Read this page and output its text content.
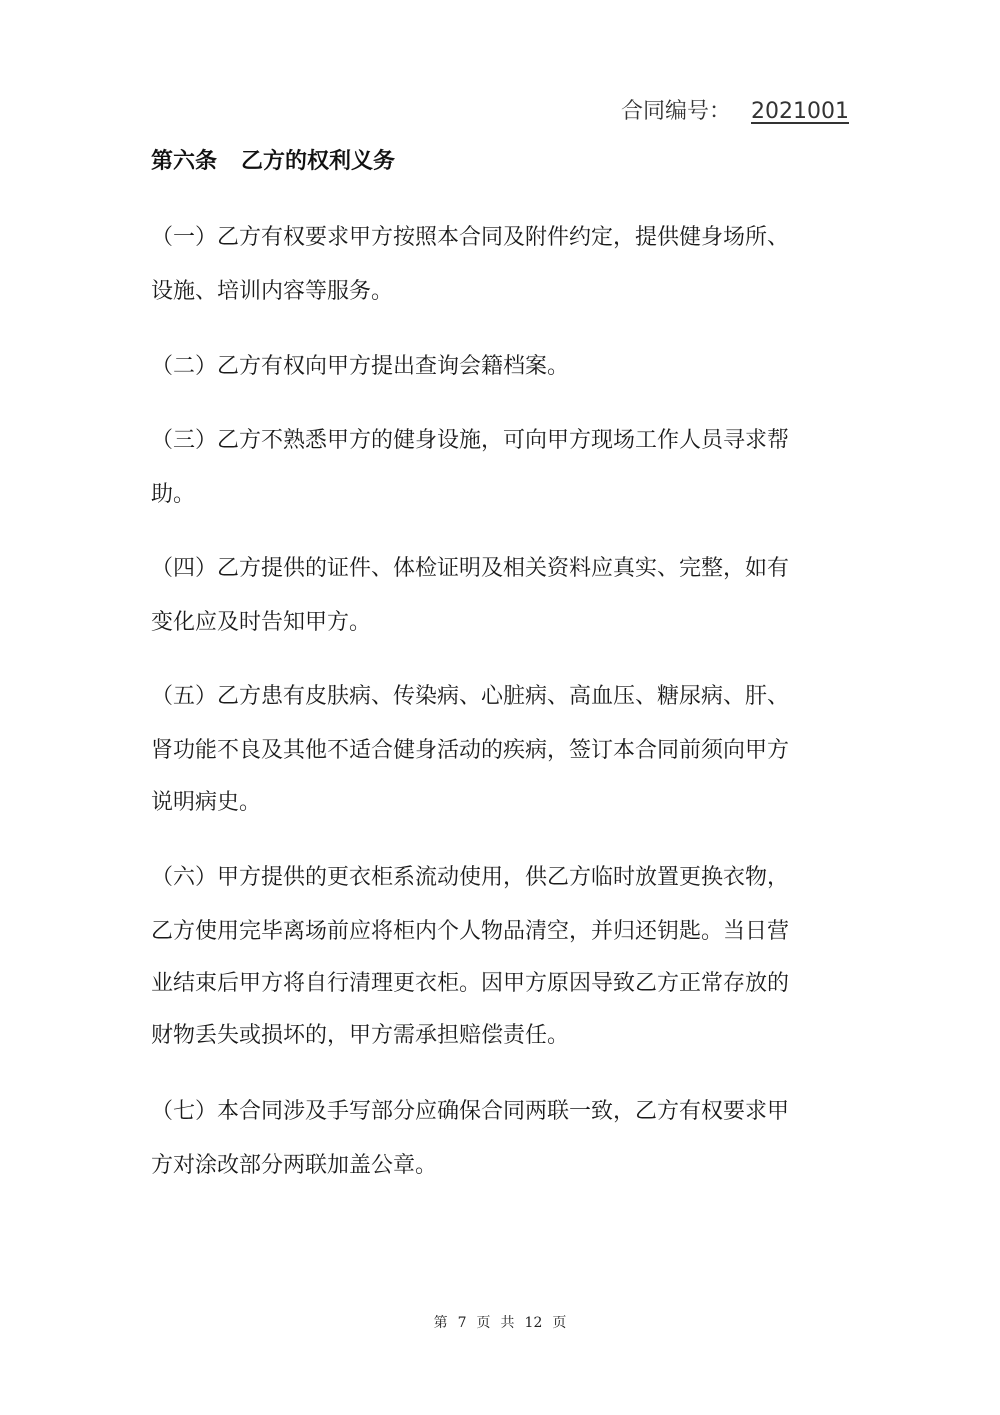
合同编号： 2021001
第六条 乙方的权利义务
（一）乙方有权要求甲方按照本合同及附件约定，提供健身场所、
设施、培训内容等服务。
（二）乙方有权向甲方提出查询会籍档案。
（三）乙方不熟悉甲方的健身设施，可向甲方现场工作人员寻求帮
助。
（四）乙方提供的证件、体检证明及相关资料应真实、完整，如有
变化应及时告知甲方。
（五）乙方患有皮肤病、传染病、心脏病、高血压、糖尿病、肝、
肾功能不良及其他不适合健身活动的疾病，签订本合同前须向甲方
说明病史。
（六）甲方提供的更衣柜系流动使用，供乙方临时放置更换衣物，
乙方使用完毕离场前应将柜内个人物品清空，并归还钥匙。当日营
业结束后甲方将自行清理更衣柜。因甲方原因导致乙方正常存放的
财物丢失或损坏的，甲方需承担赔偿责任。
（七）本合同涉及手写部分应确保合同两联一致，乙方有权要求甲
方对涂改部分两联加盖公章。
第 7 页 共 12 页
